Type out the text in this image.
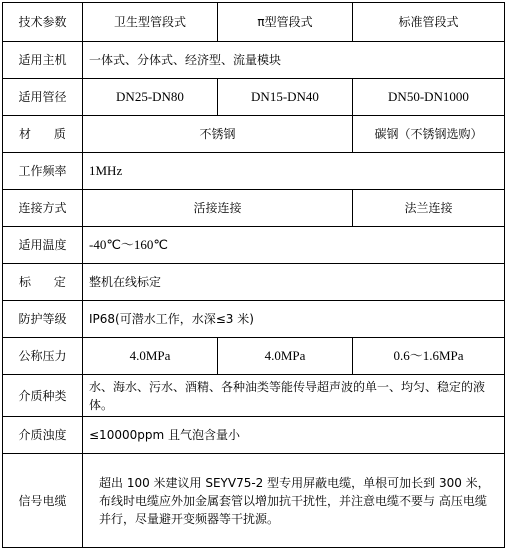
技术参数	卫生型管段式	π型管段式	标准管段式
适用主机	一体式、分体式、经济型、流量模块		
适用管径	DN25-DN80	DN15-DN40	DN50-DN1000
材      质	不锈钢		碳钢（不锈钢选购）
工作频率	1MHz		
连接方式	活接连接		法兰连接
适用温度	-40℃～160℃		
标      定	整机在线标定		
防护等级	IP68(可潜水工作，水深≤3 米)		
公称压力	4.0MPa	4.0MPa	0.6～1.6MPa
介质种类	水、海水、污水、酒精、各种油类等能传导超声波的单一、均匀、稳定的液体。		
介质浊度	≤10000ppm 且气泡含量小		
信号电缆	超出 100 米建议用 SEYV75-2 型专用屏蔽电缆，单根可加长到 300 米，布线时电缆应外加金属套管以增加抗干扰性，并注意电缆不要与 高压电缆并行，尽量避开变频器等干扰源。		
